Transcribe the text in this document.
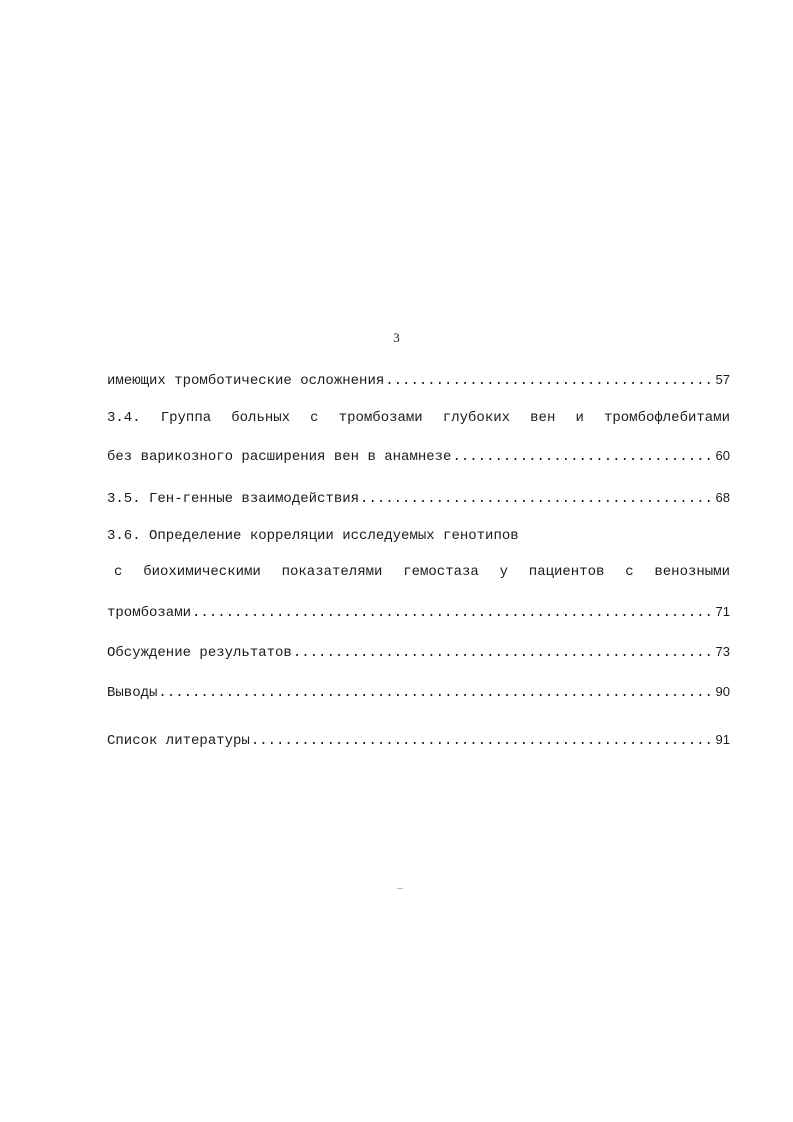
3
имеющих тромботические осложнения .....	57
3.4. Группа больных с тромбозами глубоких вен и тромбофлебитами
без варикозного расширения вен в анамнезе .....	60
3.5. Ген-генные взаимодействия .....	68
3.6. Определение корреляции исследуемых генотипов
с биохимическими показателями гемостаза у пациентов с венозными
тромбозами .....	71
Обсуждение результатов .....	73
Выводы .....	90
Список литературы .....	91
